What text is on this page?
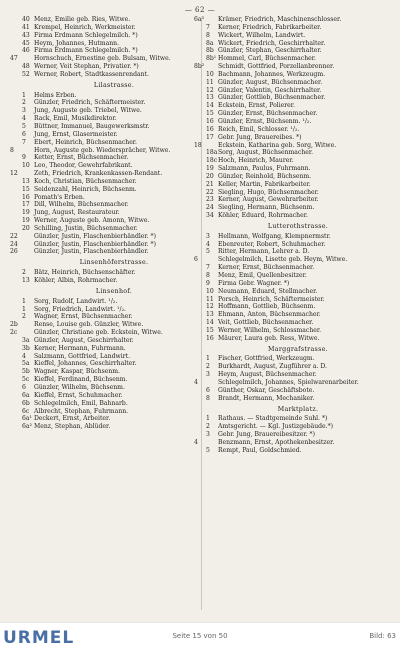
— 62 —
40 Menz, Emilie geb. Ries, Witwe.
41 Krempel, Heinrich, Werkmeister.
43 Firma Erdmann Schlegelmilch. *)
45 Heym, Johannes, Hutmann.
46 Firma Erdmann Schlegelmilch. *)
47	Hornschuch, Ernestine geb. Bulsam, Witwe.
48 Werner, Veit Stephan, Privatier. *)
52 Werner, Robert, Stadtkassenrendant.
Lilastrasse.
1 Helms Erben.
2 Günzler, Friedrich, Schäftermeister.
3 Jung, Auguste geb. Triebel, Witwe.
4 Rack, Emil, Musikdirektor.
5 Büttner, Immanuel, Baugewerksmstr.
6 Jung, Ernst, Glasermeister.
7 Ebert, Heinrich, Büchsenmacher.
8	Horn, Auguste geb. Wiedersprächer, Witwe.
9 Ketter, Ernst, Büchsenmacher.
10 Leo, Theodor, Gewehrfabrikant.
12	Zeth, Friedrich, Krankenkassen-Rendant.
13 Koch, Christian, Büchsenmacher.
15 Seidenzahl, Heinrich, Büchsenm.
16 Pomath's Erben.
17 Dill, Wilhelm, Büchsenmacher.
19 Jung, August, Restaurateur.
19 Werner, Auguste geb. Amonn, Witwe.
20 Schilling, Justin, Büchsenmacher.
22	Günzler, Justin, Flaschenbierhändler. *)
24	Günzler, Justin, Flaschenbierhändler. *)
26	Günzler, Justin, Flaschenbierhändler.
Linsenhöferstrasse.
2 Bätz, Heinrich, Büchsenschäfter.
13 Köhler, Albin, Rohrmacher.
Linsenhof.
1 Sorg, Rudolf, Landwirt. ¹/₂.
1 Sorg, Friedrich, Landwirt. ¹/₂.
2 Wagner, Ernst, Büchsenmacher.
2b	Rense, Louise geb. Günzler, Witwe.
2c	Günzler, Christiane geb. Eckstein, Witwe.
3a Günzler, August, Geschirrhalter.
3b Kerner, Hermann, Fuhrmann.
4 Salzmann, Gottfried, Landwirt.
5a Kieffel, Johannes, Geschirrhalter.
5b Wagner, Kaspar, Büchsenm.
5c Kieffel, Ferdinand, Büchsenm.
6 Günzler, Wilhelm, Büchsenm.
6a Kieffel, Ernst, Schuhmacher.
6b Schlegelmilch, Emil, Bahnarb.
6c Albrecht, Stephan, Fuhrmann.
6a¹ Deckert, Ernst, Arbeiter.
6a² Menz, Stephan, Ablüder.
6a³ Krämer, Friedrich, Maschinenschlosser.
7 Kerner, Friedrich, Fabrikarbeiter.
8 Wickert, Wilhelm, Landwirt.
8a Wickert, Friedrich, Geschirrhalter.
8b Günzler, Stephan, Geschirrhalter.
8b¹ Hommel, Carl, Büchsenmacher.
8b² Schmidt, Gottfried, Porzellanbrenner.
10 Bachmann, Johannes, Werkzeugm.
11 Günzler, August, Büchsenmacher.
12 Günzler, Valentin, Geschirrhalter.
13 Günzler, Gottlieb, Büchsenmacher.
14 Eckstein, Ernst, Polierer.
15 Günzler, Ernst, Büchsenmacher.
16 Günzler, Ernst, Büchsenm. ¹/₂.
16 Reich, Emil, Schlosser. ¹/₂.
17 Gebr. Jung, Brauereibes. *)
18	Eckstein, Katharina geb. Sorg, Witwe.
18aSorg, August, Büchsenmacher.
18cHoch, Heinrich, Maurer.
19 Salzmann, Paulus, Fuhrmann.
20 Günzler, Reinhold, Büchsenm.
21 Keller, Martin, Fabrikarbeiter.
22 Siegling, Hugo, Büchsenmacher.
23 Kerner, August, Gewehrarbeiter.
24 Siegling, Hermann, Büchsenm.
34 Köhler, Eduard, Rohrmacher.
Lutterothstrasse.
3 Hellmann, Wolfgang, Klempnermstr.
4 Ebenreuter, Robert, Schuhmacher.
5 Ritter, Hermann, Lehrer a. D.
6	Schlegelmilch, Lisette geb. Heym, Witwe.
7 Kerner, Ernst, Büchsenmacher.
8 Menz, Emil, Quellenbesitzer.
9 Firma Gebr. Wagner. *)
10 Neumann, Eduard, Stellmacher.
11 Porsch, Heinrich, Schäftermeister.
12 Hoffmann, Gottlieb, Büchsenm.
13 Ehmann, Anton, Büchsenmacher.
14 Veit, Gottlieb, Büchsenmacher.
15 Werner, Wilhelm, Schlossmacher.
16 Mäurer, Laura geb. Ress, Witwe.
Marggrafstrasse.
1 Fischer, Gottfried, Werkzeugm.
2 Burkhardt, August, Zugführer a. D.
3 Heym, August, Büchsenmacher.
4	Schlegelmilch, Johannes, Spielwarenarbeiter.
6 Günther, Oskar, Geschäftsbote.
8 Brandt, Hermann, Mechaniker.
Marktplatz.
1 Rathaus. — Stadtgemeinde Suhl. *)
2 Amtsgericht. — Kgl. Justizgebäude.*)
3 Gebr. Jung, Brauereibesitzer. *)
4	Benzmann, Ernst, Apothekenbesitzer.
5 Rempt, Paul, Goldschmied.
URMEL	Seite 15 von 50	Bild: 63
